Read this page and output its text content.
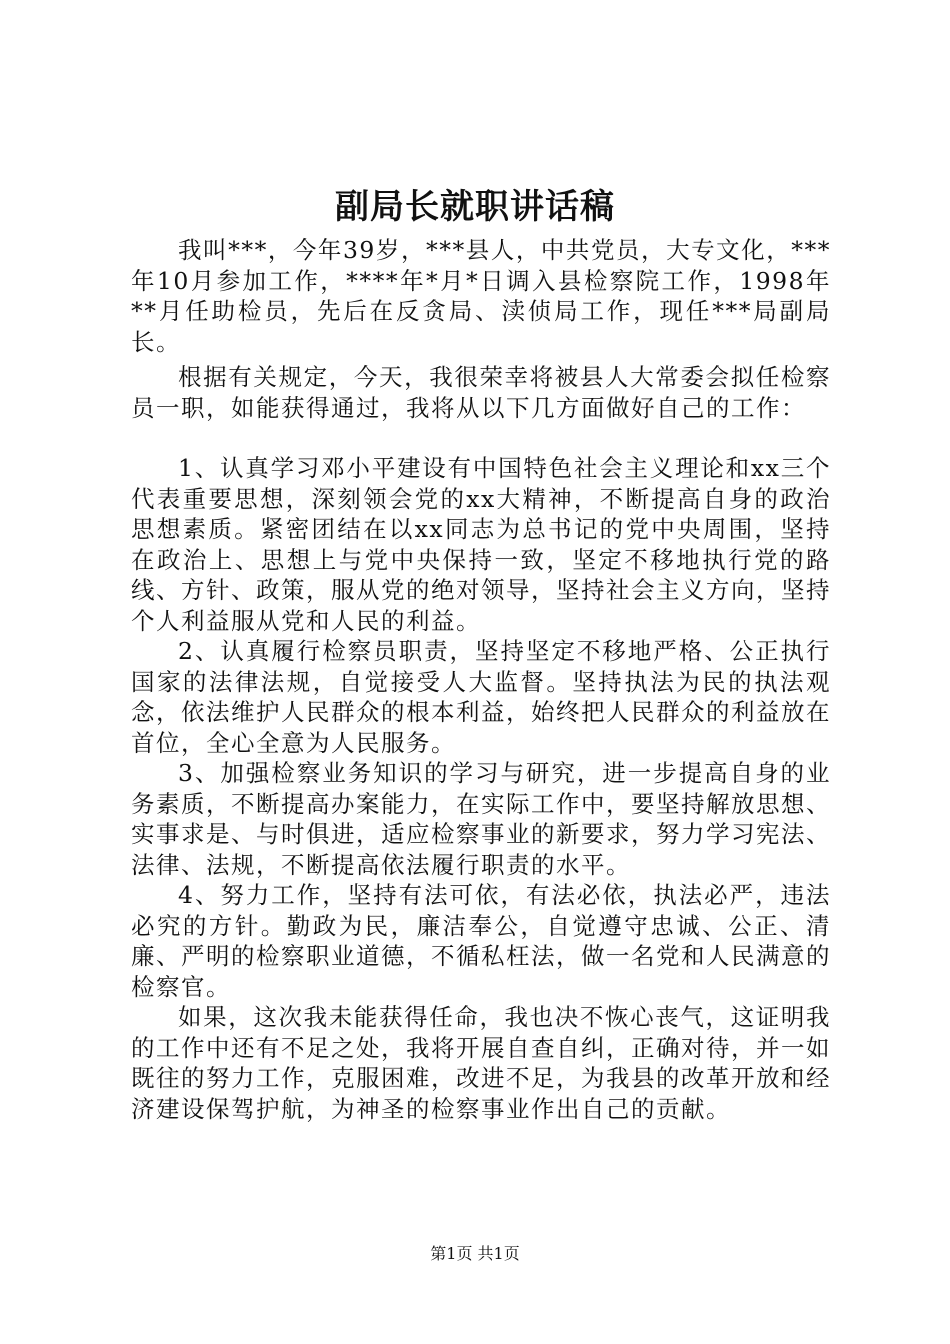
副局长就职讲话稿

我叫***，今年39岁，***县人，中共党员，大专文化，***年10月参加工作，****年*月*日调入县检察院工作，1998年**月任助检员，先后在反贪局、渎侦局工作，现任***局副局长。

根据有关规定，今天，我很荣幸将被县人大常委会拟任检察员一职，如能获得通过，我将从以下几方面做好自己的工作：

1、认真学习邓小平建设有中国特色社会主义理论和xx三个代表重要思想，深刻领会党的xx大精神，不断提高自身的政治思想素质。紧密团结在以xx同志为总书记的党中央周围，坚持在政治上、思想上与党中央保持一致，坚定不移地执行党的路线、方针、政策，服从党的绝对领导，坚持社会主义方向，坚持个人利益服从党和人民的利益。

2、认真履行检察员职责，坚持坚定不移地严格、公正执行国家的法律法规，自觉接受人大监督。坚持执法为民的执法观念，依法维护人民群众的根本利益，始终把人民群众的利益放在首位，全心全意为人民服务。

3、加强检察业务知识的学习与研究，进一步提高自身的业务素质，不断提高办案能力，在实际工作中，要坚持解放思想、实事求是、与时俱进，适应检察事业的新要求，努力学习宪法、法律、法规，不断提高依法履行职责的水平。

4、努力工作，坚持有法可依，有法必依，执法必严，违法必究的方针。勤政为民，廉洁奉公，自觉遵守忠诚、公正、清廉、严明的检察职业道德，不循私枉法，做一名党和人民满意的检察官。

如果，这次我未能获得任命，我也决不恢心丧气，这证明我的工作中还有不足之处，我将开展自查自纠，正确对待，并一如既往的努力工作，克服困难，改进不足，为我县的改革开放和经济建设保驾护航，为神圣的检察事业作出自己的贡献。

第1页 共1页
